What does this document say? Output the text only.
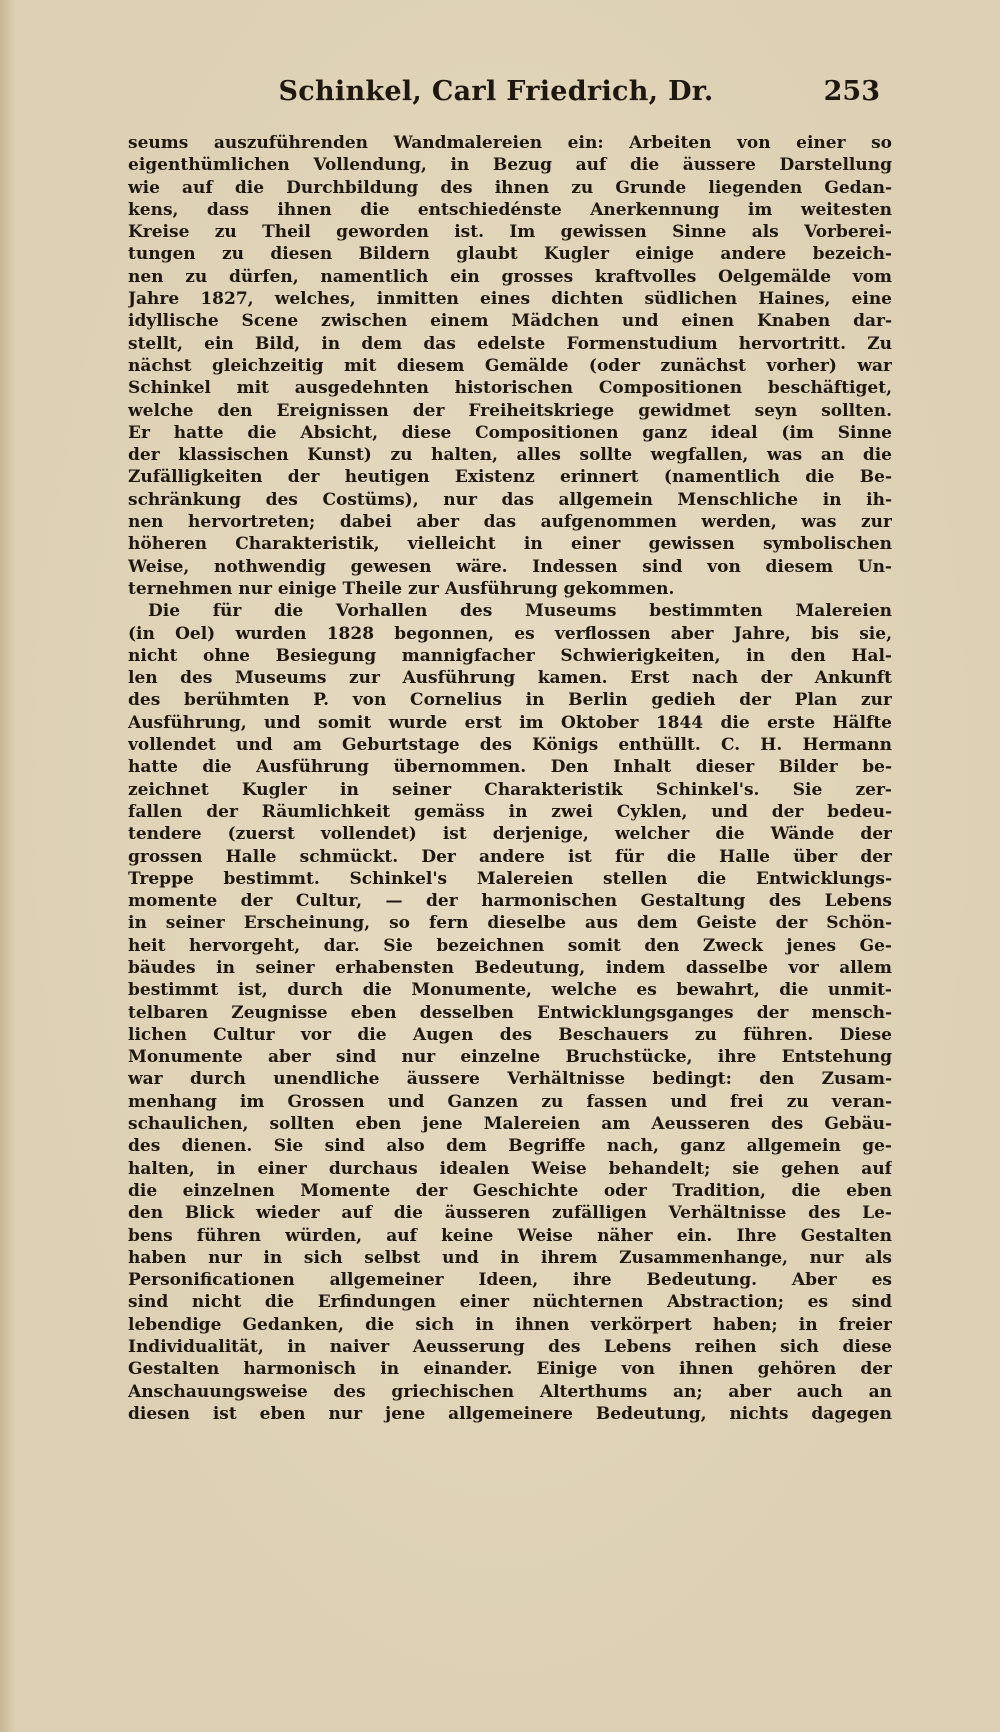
Schinkel, Carl Friedrich, Dr.	253
seums auszuführenden Wandmalereien ein: Arbeiten von einer so
eigenthümlichen Vollendung, in Bezug auf die äussere Darstellung
wie auf die Durchbildung des ihnen zu Grunde liegenden Gedan-
kens, dass ihnen die entschiedénste Anerkennung im weitesten
Kreise zu Theil geworden ist. Im gewissen Sinne als Vorberei-
tungen zu diesen Bildern glaubt Kugler einige andere bezeich-
nen zu dürfen, namentlich ein grosses kraftvolles Oelgemälde vom
Jahre 1827, welches, inmitten eines dichten südlichen Haines, eine
idyllische Scene zwischen einem Mädchen und einen Knaben dar-
stellt, ein Bild, in dem das edelste Formenstudium hervortritt. Zu
nächst gleichzeitig mit diesem Gemälde (oder zunächst vorher) war
Schinkel mit ausgedehnten historischen Compositionen beschäftiget,
welche den Ereignissen der Freiheitskriege gewidmet seyn sollten.
Er hatte die Absicht, diese Compositionen ganz ideal (im Sinne
der klassischen Kunst) zu halten, alles sollte wegfallen, was an die
Zufälligkeiten der heutigen Existenz erinnert (namentlich die Be-
schränkung des Costüms), nur das allgemein Menschliche in ih-
nen hervortreten; dabei aber das aufgenommen werden, was zur
höheren Charakteristik, vielleicht in einer gewissen symbolischen
Weise, nothwendig gewesen wäre. Indessen sind von diesem Un-
ternehmen nur einige Theile zur Ausführung gekommen.
Die für die Vorhallen des Museums bestimmten Malereien
(in Oel) wurden 1828 begonnen, es verflossen aber Jahre, bis sie,
nicht ohne Besiegung mannigfacher Schwierigkeiten, in den Hal-
len des Museums zur Ausführung kamen. Erst nach der Ankunft
des berühmten P. von Cornelius in Berlin gedieh der Plan zur
Ausführung, und somit wurde erst im Oktober 1844 die erste Hälfte
vollendet und am Geburtstage des Königs enthüllt. C. H. Hermann
hatte die Ausführung übernommen. Den Inhalt dieser Bilder be-
zeichnet Kugler in seiner Charakteristik Schinkel's. Sie zer-
fallen der Räumlichkeit gemäss in zwei Cyklen, und der bedeu-
tendere (zuerst vollendet) ist derjenige, welcher die Wände der
grossen Halle schmückt. Der andere ist für die Halle über der
Treppe bestimmt. Schinkel's Malereien stellen die Entwicklungs-
momente der Cultur, — der harmonischen Gestaltung des Lebens
in seiner Erscheinung, so fern dieselbe aus dem Geiste der Schön-
heit hervorgeht, dar. Sie bezeichnen somit den Zweck jenes Ge-
bäudes in seiner erhabensten Bedeutung, indem dasselbe vor allem
bestimmt ist, durch die Monumente, welche es bewahrt, die unmit-
telbaren Zeugnisse eben desselben Entwicklungsganges der mensch-
lichen Cultur vor die Augen des Beschauers zu führen. Diese
Monumente aber sind nur einzelne Bruchstücke, ihre Entstehung
war durch unendliche äussere Verhältnisse bedingt: den Zusam-
menhang im Grossen und Ganzen zu fassen und frei zu veran-
schaulichen, sollten eben jene Malereien am Aeusseren des Gebäu-
des dienen. Sie sind also dem Begriffe nach, ganz allgemein ge-
halten, in einer durchaus idealen Weise behandelt; sie gehen auf
die einzelnen Momente der Geschichte oder Tradition, die eben
den Blick wieder auf die äusseren zufälligen Verhältnisse des Le-
bens führen würden, auf keine Weise näher ein. Ihre Gestalten
haben nur in sich selbst und in ihrem Zusammenhange, nur als
Personificationen allgemeiner Ideen, ihre Bedeutung. Aber es
sind nicht die Erfindungen einer nüchternen Abstraction; es sind
lebendige Gedanken, die sich in ihnen verkörpert haben; in freier
Individualität, in naiver Aeusserung des Lebens reihen sich diese
Gestalten harmonisch in einander. Einige von ihnen gehören der
Anschauungsweise des griechischen Alterthums an; aber auch an
diesen ist eben nur jene allgemeinere Bedeutung, nichts dagegen
